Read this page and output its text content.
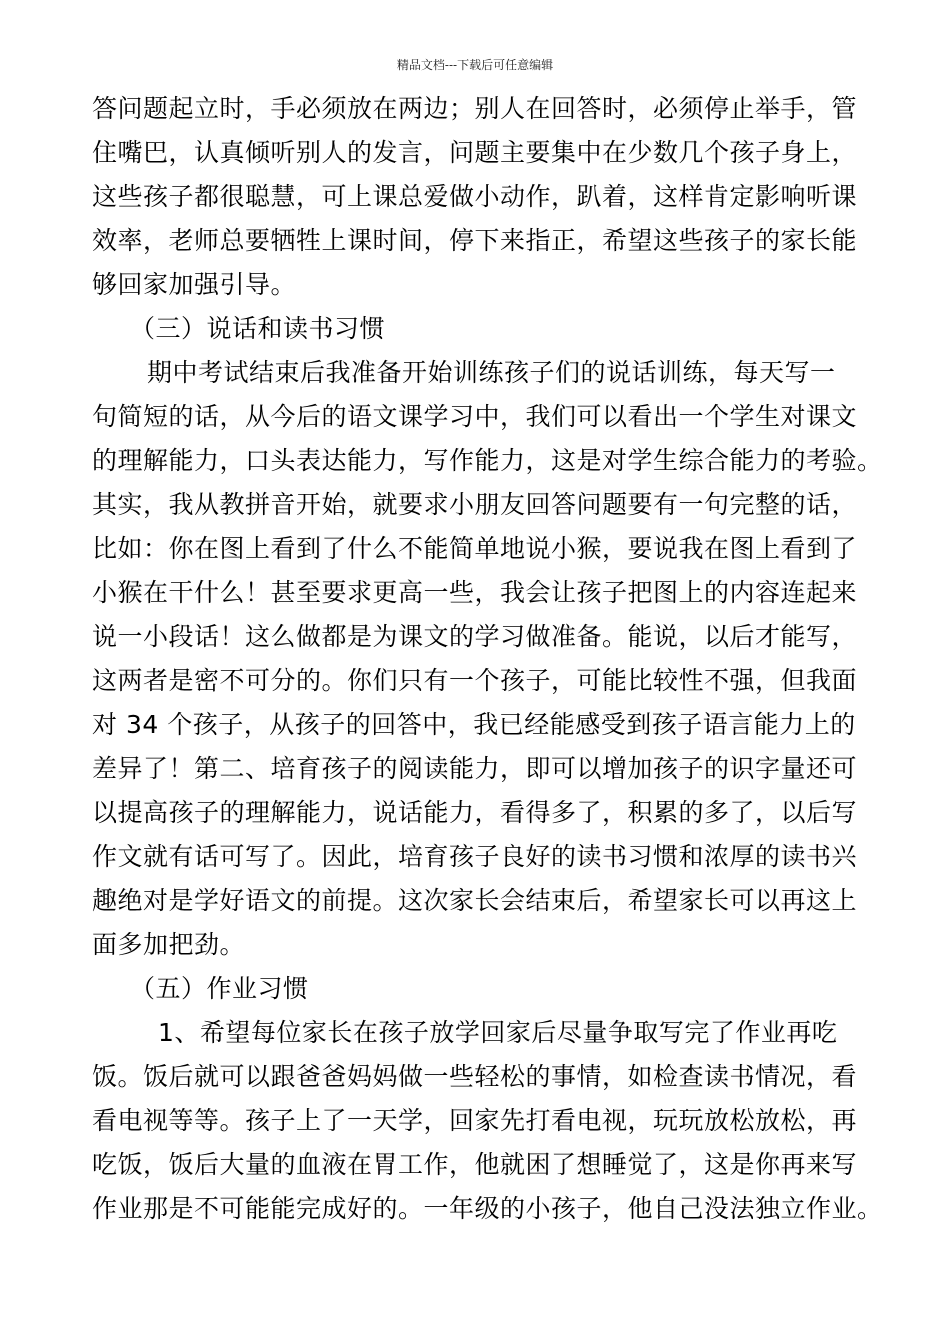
精品文档---下载后可任意编辑
答问题起立时，手必须放在两边；别人在回答时，必须停止举手，管
住嘴巴，认真倾听别人的发言，问题主要集中在少数几个孩子身上，
这些孩子都很聪慧，可上课总爱做小动作，趴着，这样肯定影响听课
效率，老师总要牺牲上课时间，停下来指正，希望这些孩子的家长能
够回家加强引导。
（三）说话和读书习惯
期中考试结束后我准备开始训练孩子们的说话训练，每天写一
句简短的话，从今后的语文课学习中，我们可以看出一个学生对课文
的理解能力，口头表达能力，写作能力，这是对学生综合能力的考验。
其实，我从教拼音开始，就要求小朋友回答问题要有一句完整的话，
比如：你在图上看到了什么不能简单地说小猴，要说我在图上看到了
小猴在干什么！甚至要求更高一些，我会让孩子把图上的内容连起来
说一小段话！这么做都是为课文的学习做准备。能说，以后才能写，
这两者是密不可分的。你们只有一个孩子，可能比较性不强，但我面
对 34 个孩子，从孩子的回答中，我已经能感受到孩子语言能力上的
差异了！第二、培育孩子的阅读能力，即可以增加孩子的识字量还可
以提高孩子的理解能力，说话能力，看得多了，积累的多了，以后写
作文就有话可写了。因此，培育孩子良好的读书习惯和浓厚的读书兴
趣绝对是学好语文的前提。这次家长会结束后，希望家长可以再这上
面多加把劲。
（五）作业习惯
1、希望每位家长在孩子放学回家后尽量争取写完了作业再吃
饭。饭后就可以跟爸爸妈妈做一些轻松的事情，如检查读书情况，看
看电视等等。孩子上了一天学，回家先打看电视，玩玩放松放松，再
吃饭，饭后大量的血液在胃工作，他就困了想睡觉了，这是你再来写
作业那是不可能能完成好的。一年级的小孩子，他自己没法独立作业。
